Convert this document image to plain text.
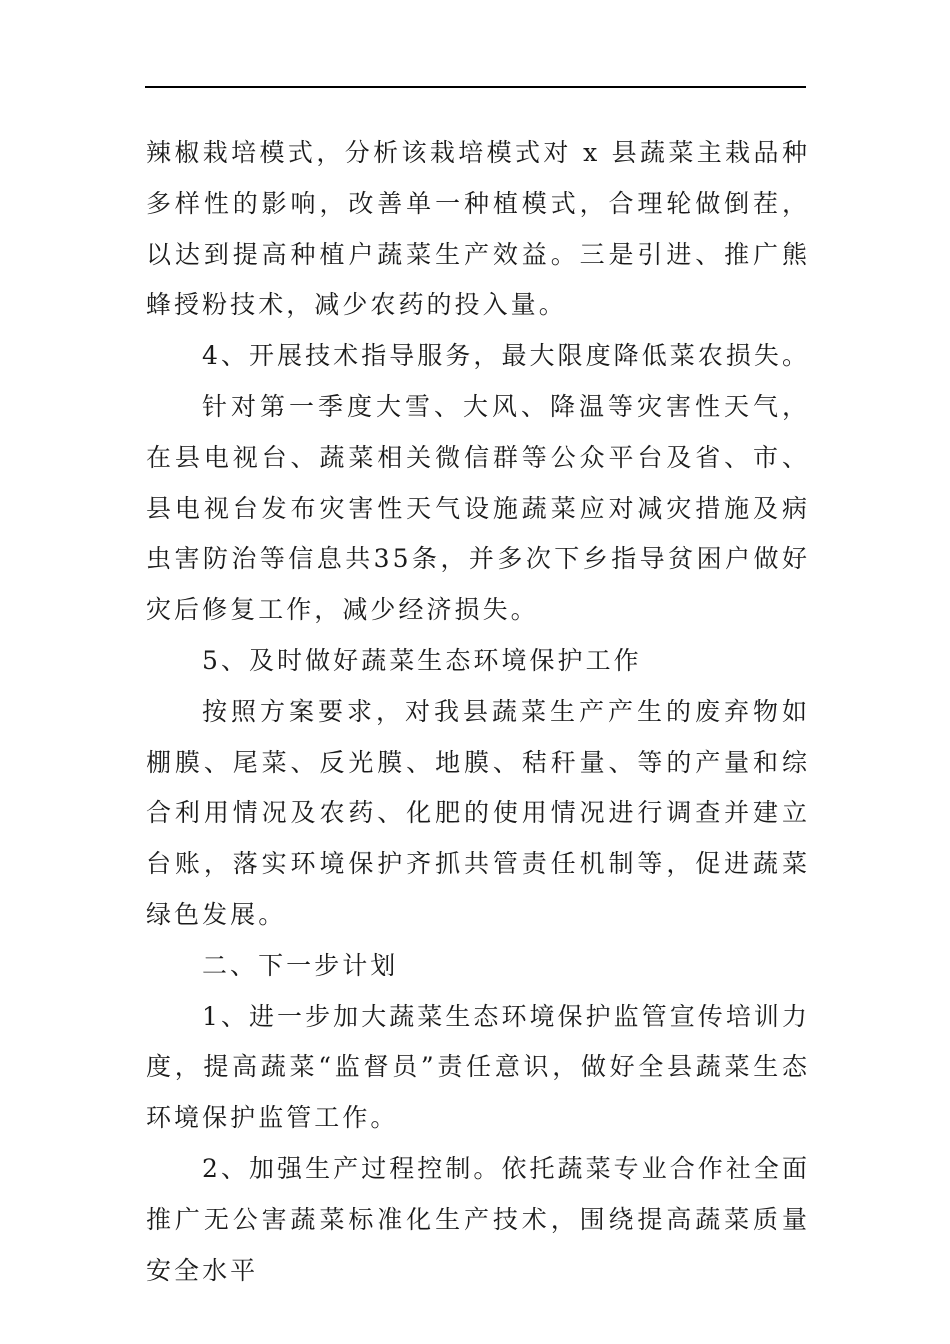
辣椒栽培模式，分析该栽培模式对 x 县蔬菜主栽品种多样性的影响，改善单一种植模式，合理轮做倒茬，以达到提高种植户蔬菜生产效益。三是引进、推广熊蜂授粉技术，减少农药的投入量。

4、开展技术指导服务，最大限度降低菜农损失。

针对第一季度大雪、大风、降温等灾害性天气，在县电视台、蔬菜相关微信群等公众平台及省、市、县电视台发布灾害性天气设施蔬菜应对减灾措施及病虫害防治等信息共35条，并多次下乡指导贫困户做好灾后修复工作，减少经济损失。

5、及时做好蔬菜生态环境保护工作

按照方案要求，对我县蔬菜生产产生的废弃物如棚膜、尾菜、反光膜、地膜、秸秆量、等的产量和综合利用情况及农药、化肥的使用情况进行调查并建立台账，落实环境保护齐抓共管责任机制等，促进蔬菜绿色发展。

二、下一步计划

1、进一步加大蔬菜生态环境保护监管宣传培训力度，提高蔬菜“监督员”责任意识，做好全县蔬菜生态环境保护监管工作。

2、加强生产过程控制。依托蔬菜专业合作社全面推广无公害蔬菜标准化生产技术，围绕提高蔬菜质量安全水平
